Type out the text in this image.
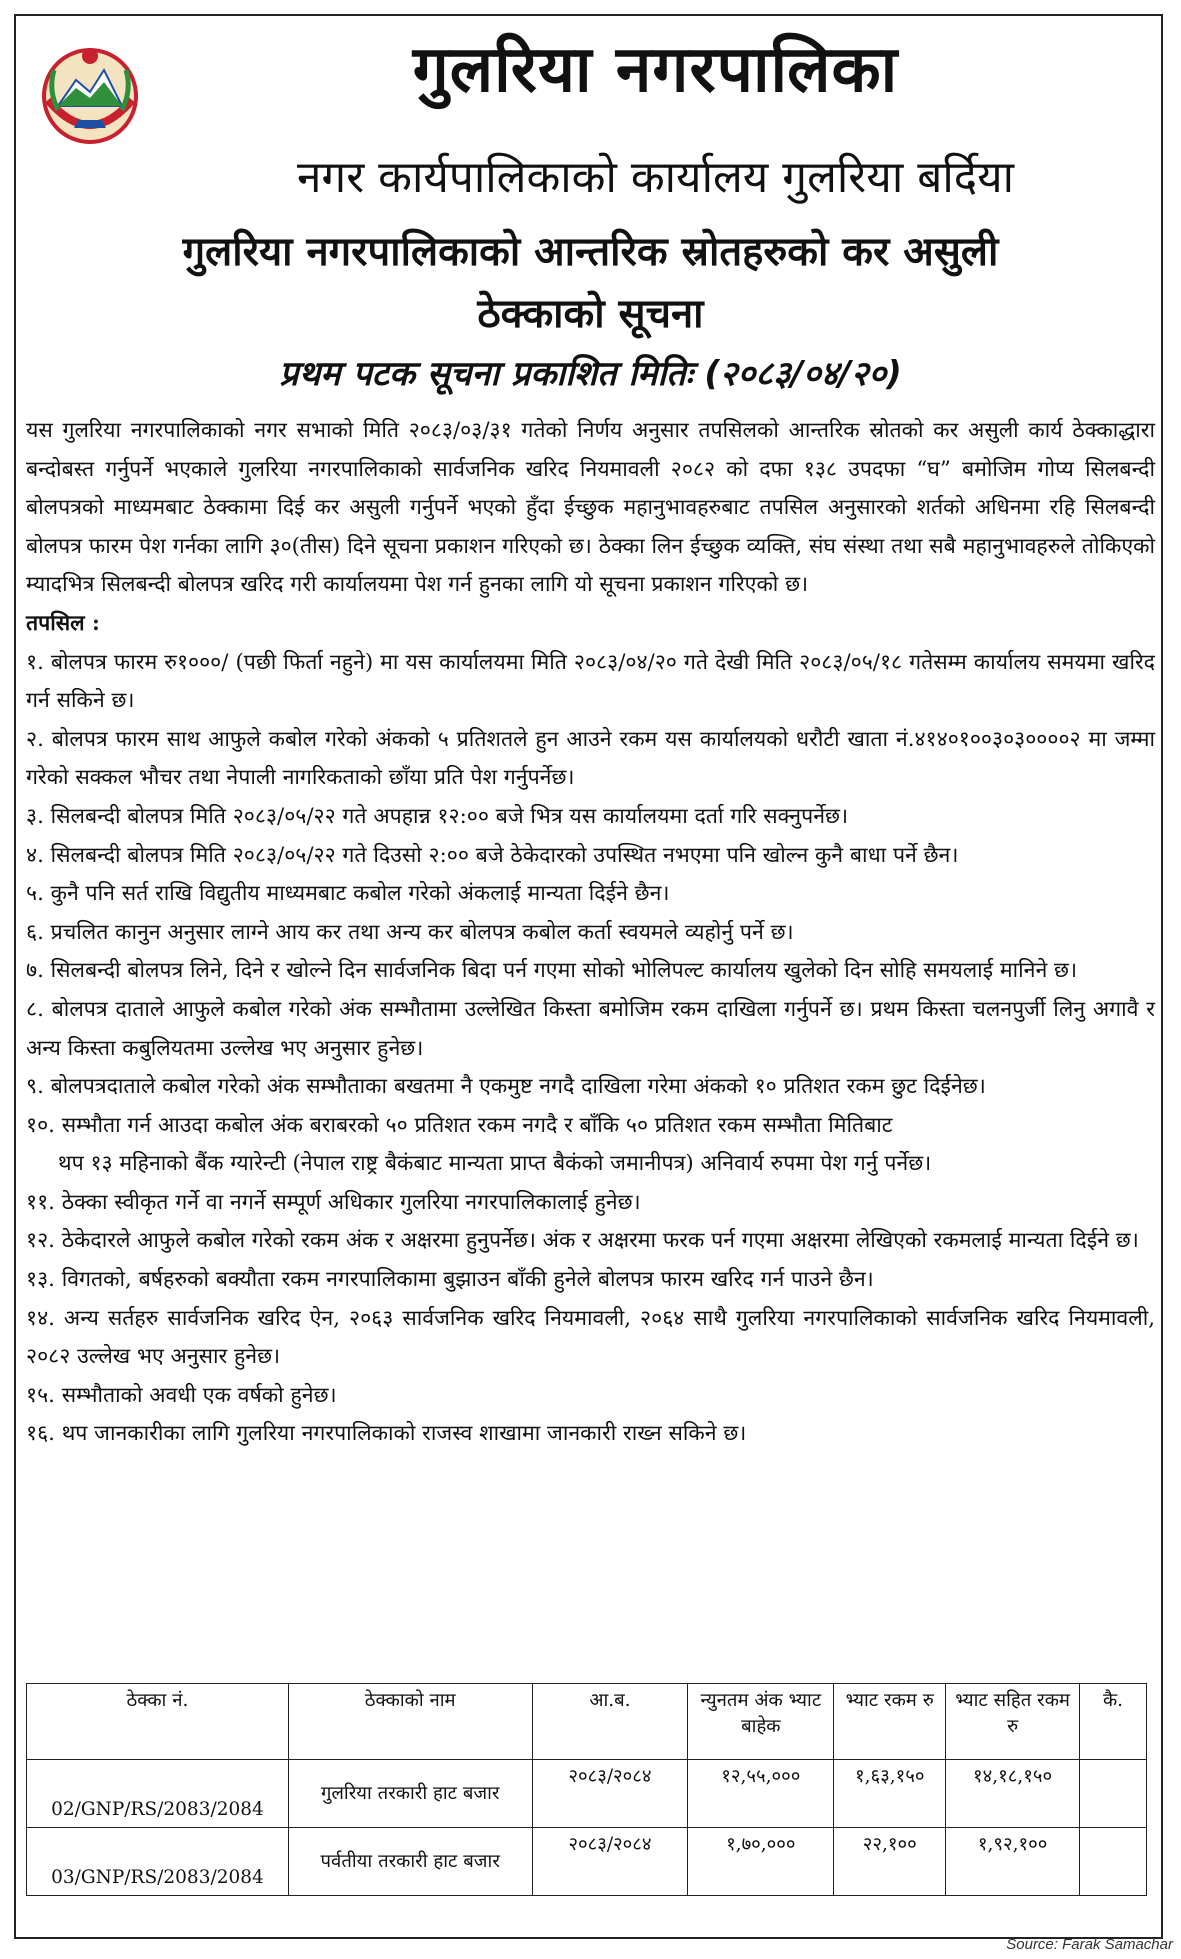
गुलरिया नगरपालिका
नगर कार्यपालिकाको कार्यालय गुलरिया बर्दिया
गुलरिया नगरपालिकाको आन्तरिक स्रोतहरुको कर असुली
ठेक्काको सूचना
प्रथम पटक सूचना प्रकाशित मितिः (२०८३/०४/२०)

यस गुलरिया नगरपालिकाको नगर सभाको मिति २०८३/०३/३१ गतेको निर्णय अनुसार तपसिलको आन्तरिक स्रोतको कर असुली कार्य ठेक्काद्धारा बन्दोबस्त गर्नुपर्ने भएकाले गुलरिया नगरपालिकाको सार्वजनिक खरिद नियमावली २०८२ को दफा १३८ उपदफा “घ” बमोजिम गोप्य सिलबन्दी बोलपत्रको माध्यमबाट ठेक्कामा दिई कर असुली गर्नुपर्ने भएको हुँदा ईच्छुक महानुभावहरुबाट तपसिल अनुसारको शर्तको अधिनमा रहि सिलबन्दी बोलपत्र फारम पेश गर्नका लागि ३०(तीस) दिने सूचना प्रकाशन गरिएको छ। ठेक्का लिन ईच्छुक व्यक्ति, संघ संस्था तथा सबै महानुभावहरुले तोकिएको म्यादभित्र सिलबन्दी बोलपत्र खरिद गरी कार्यालयमा पेश गर्न हुनका लागि यो सूचना प्रकाशन गरिएको छ।

तपसिल :

१. बोलपत्र फारम रु१०००/ (पछी फिर्ता नहुने) मा यस कार्यालयमा मिति २०८३/०४/२० गते देखी मिति २०८३/०५/१८ गतेसम्म कार्यालय समयमा खरिद गर्न सकिने छ।

२. बोलपत्र फारम साथ आफुले कबोल गरेको अंकको ५ प्रतिशतले हुन आउने रकम यस कार्यालयको धरौटी खाता नं.४१४०१००३०३००००२ मा जम्मा गरेको सक्कल भौचर तथा नेपाली नागरिकताको छाँया प्रति पेश गर्नुपर्नेछ।

३. सिलबन्दी बोलपत्र मिति २०८३/०५/२२ गते अपहान्न १२:०० बजे भित्र यस कार्यालयमा दर्ता गरि सक्नुपर्नेछ।

४. सिलबन्दी बोलपत्र मिति २०८३/०५/२२ गते दिउसो २:०० बजे ठेकेदारको उपस्थित नभएमा पनि खोल्न कुनै बाधा पर्ने छैन।

५. कुनै पनि सर्त राखि विद्युतीय माध्यमबाट कबोल गरेको अंकलाई मान्यता दिईने छैन।

६. प्रचलित कानुन अनुसार लाग्ने आय कर तथा अन्य कर बोलपत्र कबोल कर्ता स्वयमले व्यहोर्नु पर्ने छ।

७. सिलबन्दी बोलपत्र लिने, दिने र खोल्ने दिन सार्वजनिक बिदा पर्न गएमा सोको भोलिपल्ट कार्यालय खुलेको दिन सोहि समयलाई मानिने छ।

८. बोलपत्र दाताले आफुले कबोल गरेको अंक सम्भौतामा उल्लेखित किस्ता बमोजिम रकम दाखिला गर्नुपर्ने छ। प्रथम किस्ता चलनपुर्जी लिनु अगावै र अन्य किस्ता कबुलियतमा उल्लेख भए अनुसार हुनेछ।

९. बोलपत्रदाताले कबोल गरेको अंक सम्भौताका बखतमा नै एकमुष्ट नगदै दाखिला गरेमा अंकको १० प्रतिशत रकम छुट दिईनेछ।

१०. सम्भौता गर्न आउदा कबोल अंक बराबरको ५० प्रतिशत रकम नगदै र बाँकि ५० प्रतिशत रकम सम्भौता मितिबाट

थप १३ महिनाको बैंक ग्यारेन्टी (नेपाल राष्ट्र बैकंबाट मान्यता प्राप्त बैकंको जमानीपत्र) अनिवार्य रुपमा पेश गर्नु पर्नेछ।

११. ठेक्का स्वीकृत गर्ने वा नगर्ने सम्पूर्ण अधिकार गुलरिया नगरपालिकालाई हुनेछ।

१२. ठेकेदारले आफुले कबोल गरेको रकम अंक र अक्षरमा हुनुपर्नेछ। अंक र अक्षरमा फरक पर्न गएमा अक्षरमा लेखिएको रकमलाई मान्यता दिईने छ।

१३. विगतको, बर्षहरुको बक्यौता रकम नगरपालिकामा बुझाउन बाँकी हुनेले बोलपत्र फारम खरिद गर्न पाउने छैन।

१४. अन्य सर्तहरु सार्वजनिक खरिद ऐन, २०६३ सार्वजनिक खरिद नियमावली, २०६४ साथै गुलरिया नगरपालिकाको सार्वजनिक खरिद नियमावली, २०८२ उल्लेख भए अनुसार हुनेछ।

१५. सम्भौताको अवधी एक वर्षको हुनेछ।

१६. थप जानकारीका लागि गुलरिया नगरपालिकाको राजस्व शाखामा जानकारी राख्न सकिने छ।

ठेक्का नं.	ठेक्काको नाम	आ.ब.	न्युनतम अंक भ्याट बाहेक	भ्याट रकम रु	भ्याट सहित रकम रु	कै.
02/GNP/RS/2083/2084	गुलरिया तरकारी हाट बजार	२०८३/२०८४	१२,५५,०००	१,६३,१५०	१४,१८,१५०	
03/GNP/RS/2083/2084	पर्वतीया तरकारी हाट बजार	२०८३/२०८४	१,७०,०००	२२,१००	१,९२,१००	
Source: Farak Samachar
